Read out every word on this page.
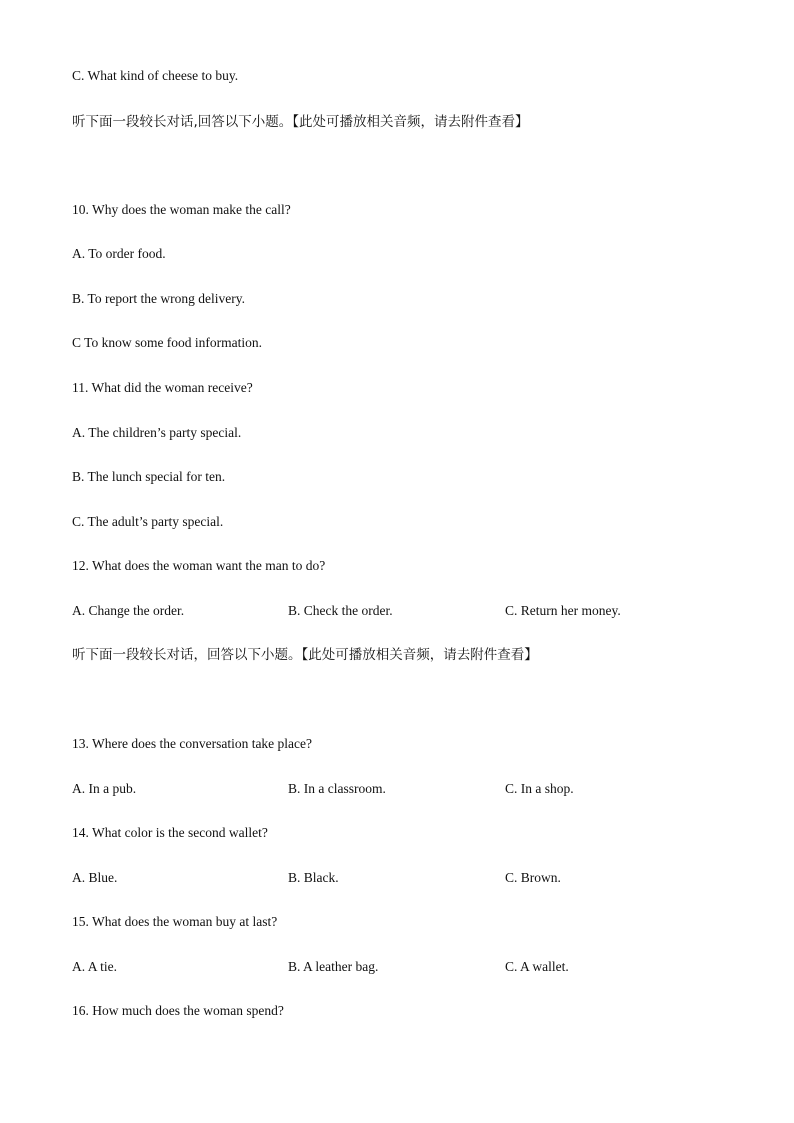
C. What kind of cheese to buy.
听下面一段较长对话,回答以下小题。【此处可播放相关音频，请去附件查看】
10. Why does the woman make the call?
A. To order food.
B. To report the wrong delivery.
C To know some food information.
11. What did the woman receive?
A. The children’s party special.
B. The lunch special for ten.
C. The adult’s party special.
12. What does the woman want the man to do?
A. Change the order.	B. Check the order.	C. Return her money.
听下面一段较长对话，回答以下小题。【此处可播放相关音频，请去附件查看】
13. Where does the conversation take place?
A. In a pub.	B. In a classroom.	C. In a shop.
14. What color is the second wallet?
A. Blue.	B. Black.	C. Brown.
15. What does the woman buy at last?
A. A tie.	B. A leather bag.	C. A wallet.
16. How much does the woman spend?
